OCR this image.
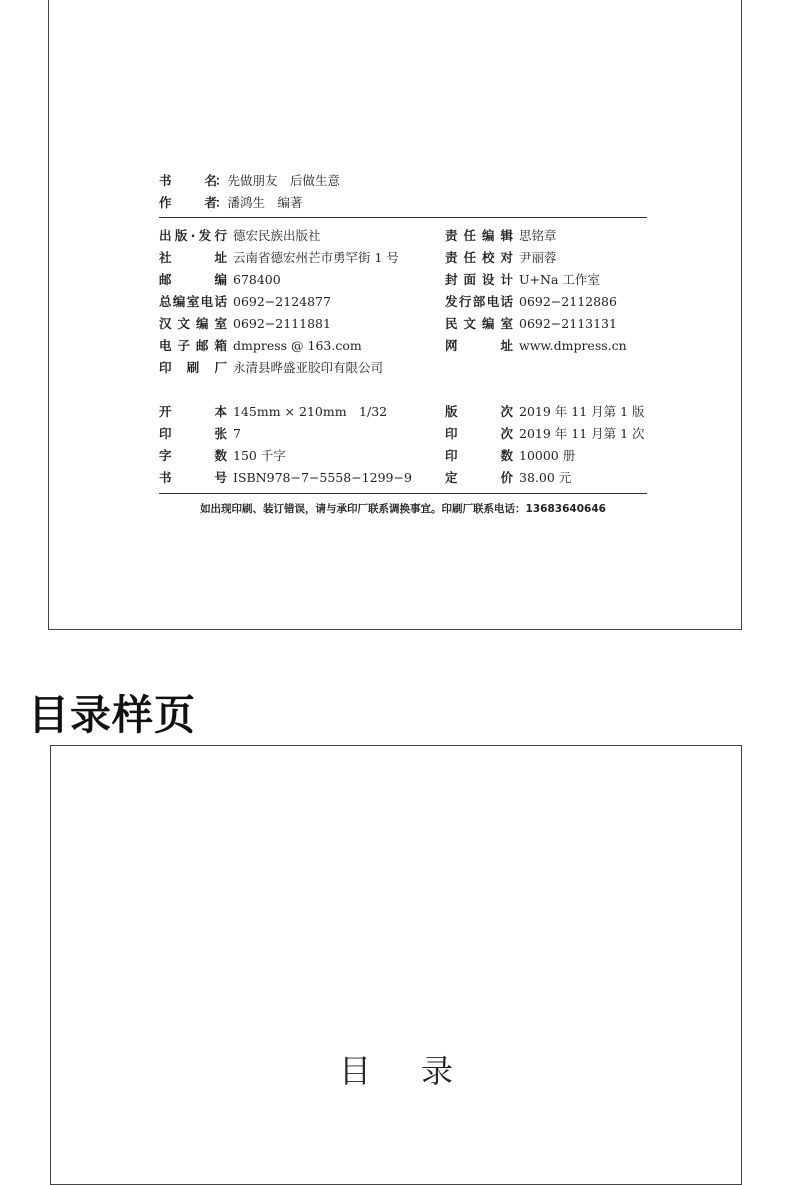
书　名：先做朋友　后做生意
作　者：潘鸿生　编著
出版·发行 德宏民族出版社
社　　址 云南省德宏州芒市勇罕街 1 号
邮　　编 678400
总编室电话 0692−2124877
汉文编室 0692−2111881
电子邮箱 dmpress @ 163.com
印　刷　厂 永清县晔盛亚胶印有限公司
责任编辑 思铭章
责任校对 尹丽蓉
封面设计 U+Na 工作室
发行部电话 0692−2112886
民文编室 0692−2113131
网　　址 www.dmpress.cn
开　　本 145mm × 210mm　1/32
印　　张 7
字　　数 150 千字
书　　号 ISBN978−7−5558−1299−9
版　　次 2019 年 11 月第 1 版
印　　次 2019 年 11 月第 1 次
印　　数 10000 册
定　　价 38.00 元
如出现印刷、装订错误，请与承印厂联系调换事宜。印刷厂联系电话：13683640646
目录样页
目录
